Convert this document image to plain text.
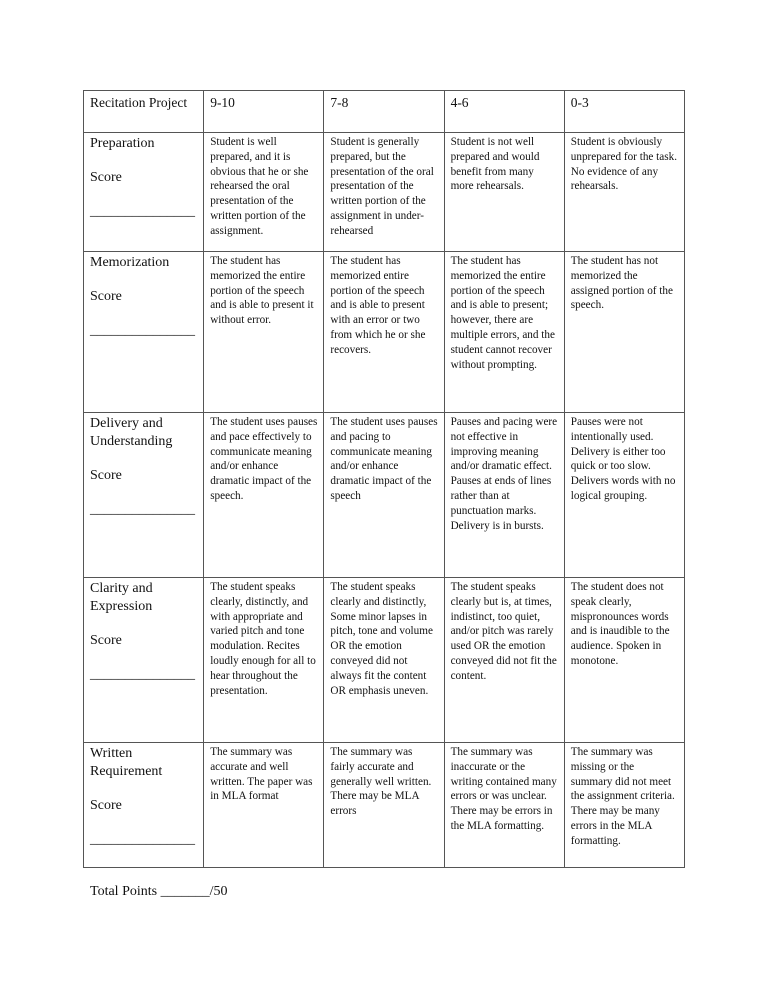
Recitation Project	9-10	7-8	4-6	0-3

Preparation
Score
_______________	Student is well prepared, and it is obvious that he or she rehearsed the oral presentation of the written portion of the assignment.	Student is generally prepared, but the presentation of the oral presentation of the written portion of the assignment in under-rehearsed	Student is not well prepared and would benefit from many more rehearsals.	Student is obviously unprepared for the task. No evidence of any rehearsals.

Memorization
Score
_______________	The student has memorized the entire portion of the speech and is able to present it without error.	The student has memorized entire portion of the speech and is able to present with an error or two from which he or she recovers.	The student has memorized the entire portion of the speech and is able to present; however, there are multiple errors, and the student cannot recover without prompting.	The student has not memorized the assigned portion of the speech.

Delivery and Understanding
Score
_______________	The student uses pauses and pace effectively to communicate meaning and/or enhance dramatic impact of the speech.	The student uses pauses and pacing to communicate meaning and/or enhance dramatic impact of the speech	Pauses and pacing were not effective in improving meaning and/or dramatic effect. Pauses at ends of lines rather than at punctuation marks. Delivery is in bursts.	Pauses were not intentionally used. Delivery is either too quick or too slow. Delivers words with no logical grouping.

Clarity and Expression
Score
_______________	The student speaks clearly, distinctly, and with appropriate and varied pitch and tone modulation. Recites loudly enough for all to hear throughout the presentation.	The student speaks clearly and distinctly, Some minor lapses in pitch, tone and volume OR the emotion conveyed did not always fit the content OR emphasis uneven.	The student speaks clearly but is, at times, indistinct, too quiet, and/or pitch was rarely used OR the emotion conveyed did not fit the content.	The student does not speak clearly, mispronounces words and is inaudible to the audience. Spoken in monotone.

Written Requirement
Score
_______________	The summary was accurate and well written. The paper was in MLA format	The summary was fairly accurate and generally well written. There may be MLA errors	The summary was inaccurate or the writing contained many errors or was unclear. There may be errors in the MLA formatting.	The summary was missing or the summary did not meet the assignment criteria. There may be many errors in the MLA formatting.
Total Points _______/50
